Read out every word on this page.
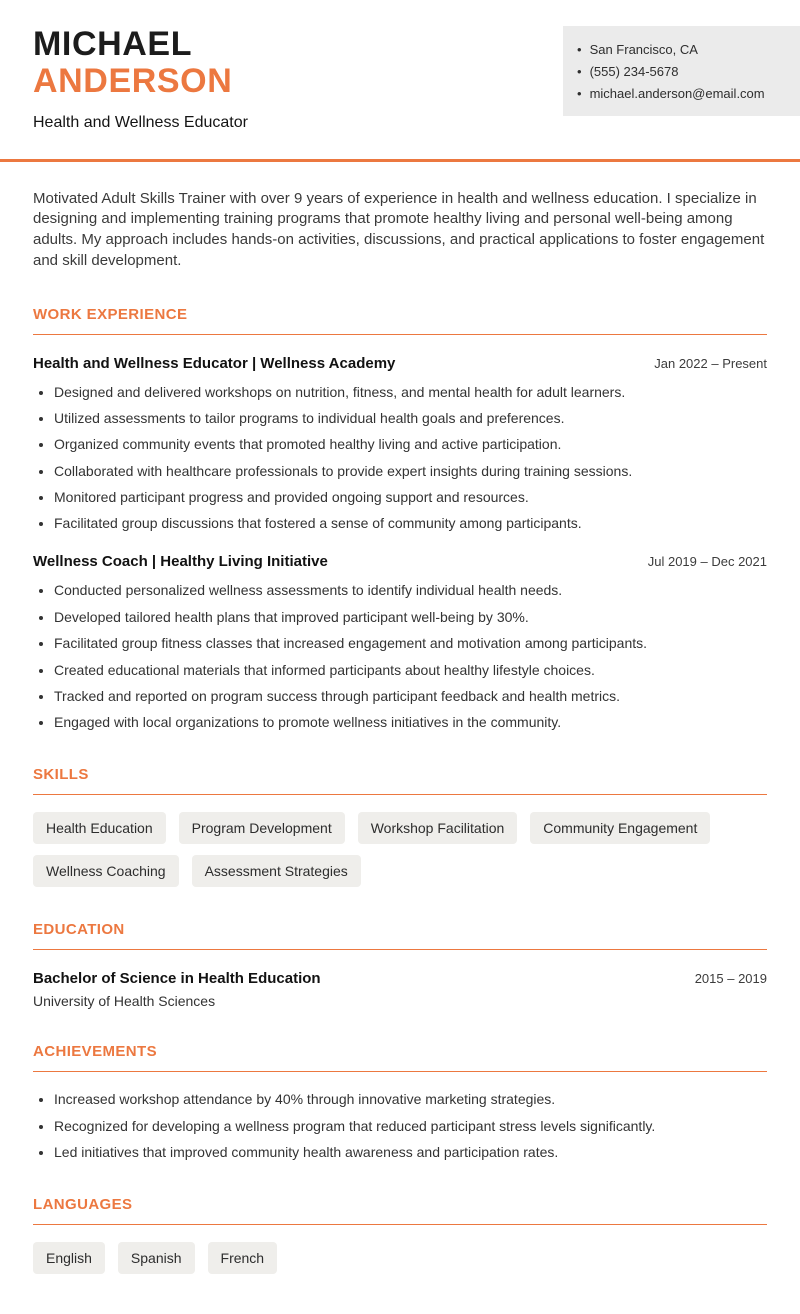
MICHAEL
ANDERSON
Health and Wellness Educator
• San Francisco, CA
• (555) 234-5678
• michael.anderson@email.com

Motivated Adult Skills Trainer with over 9 years of experience in health and wellness education. I specialize in designing and implementing training programs that promote healthy living and personal well-being among adults. My approach includes hands-on activities, discussions, and practical applications to foster engagement and skill development.

WORK EXPERIENCE
Health and Wellness Educator | Wellness Academy	Jan 2022 – Present
• Designed and delivered workshops on nutrition, fitness, and mental health for adult learners.
• Utilized assessments to tailor programs to individual health goals and preferences.
• Organized community events that promoted healthy living and active participation.
• Collaborated with healthcare professionals to provide expert insights during training sessions.
• Monitored participant progress and provided ongoing support and resources.
• Facilitated group discussions that fostered a sense of community among participants.
Wellness Coach | Healthy Living Initiative	Jul 2019 – Dec 2021
• Conducted personalized wellness assessments to identify individual health needs.
• Developed tailored health plans that improved participant well-being by 30%.
• Facilitated group fitness classes that increased engagement and motivation among participants.
• Created educational materials that informed participants about healthy lifestyle choices.
• Tracked and reported on program success through participant feedback and health metrics.
• Engaged with local organizations to promote wellness initiatives in the community.
SKILLS
Health Education	Program Development	Workshop Facilitation	Community Engagement
Wellness Coaching	Assessment Strategies
EDUCATION
Bachelor of Science in Health Education	2015 – 2019
University of Health Sciences
ACHIEVEMENTS
• Increased workshop attendance by 40% through innovative marketing strategies.
• Recognized for developing a wellness program that reduced participant stress levels significantly.
• Led initiatives that improved community health awareness and participation rates.
LANGUAGES
English	Spanish	French
